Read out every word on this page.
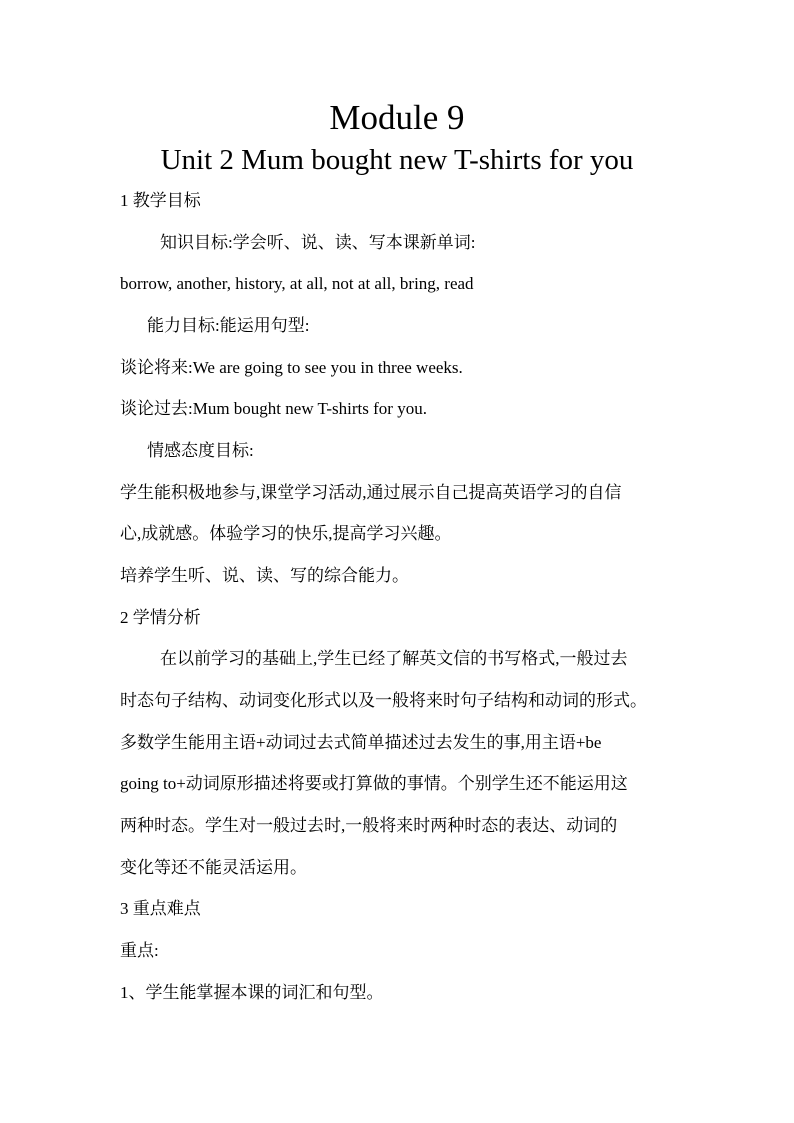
Module 9
Unit 2 Mum bought new T-shirts for you

1 教学目标

知识目标:学会听、说、读、写本课新单词:

borrow, another, history, at all, not at all, bring, read

能力目标:能运用句型:

谈论将来:We are going to see you in three weeks.

谈论过去:Mum bought new T-shirts for you.

情感态度目标:

学生能积极地参与,课堂学习活动,通过展示自己提高英语学习的自信

心,成就感。体验学习的快乐,提高学习兴趣。

培养学生听、说、读、写的综合能力。

2 学情分析

在以前学习的基础上,学生已经了解英文信的书写格式,一般过去

时态句子结构、动词变化形式以及一般将来时句子结构和动词的形式。

多数学生能用主语+动词过去式简单描述过去发生的事,用主语+be

going to+动词原形描述将要或打算做的事情。个别学生还不能运用这

两种时态。学生对一般过去时,一般将来时两种时态的表达、动词的

变化等还不能灵活运用。

3 重点难点

重点:

1、学生能掌握本课的词汇和句型。
